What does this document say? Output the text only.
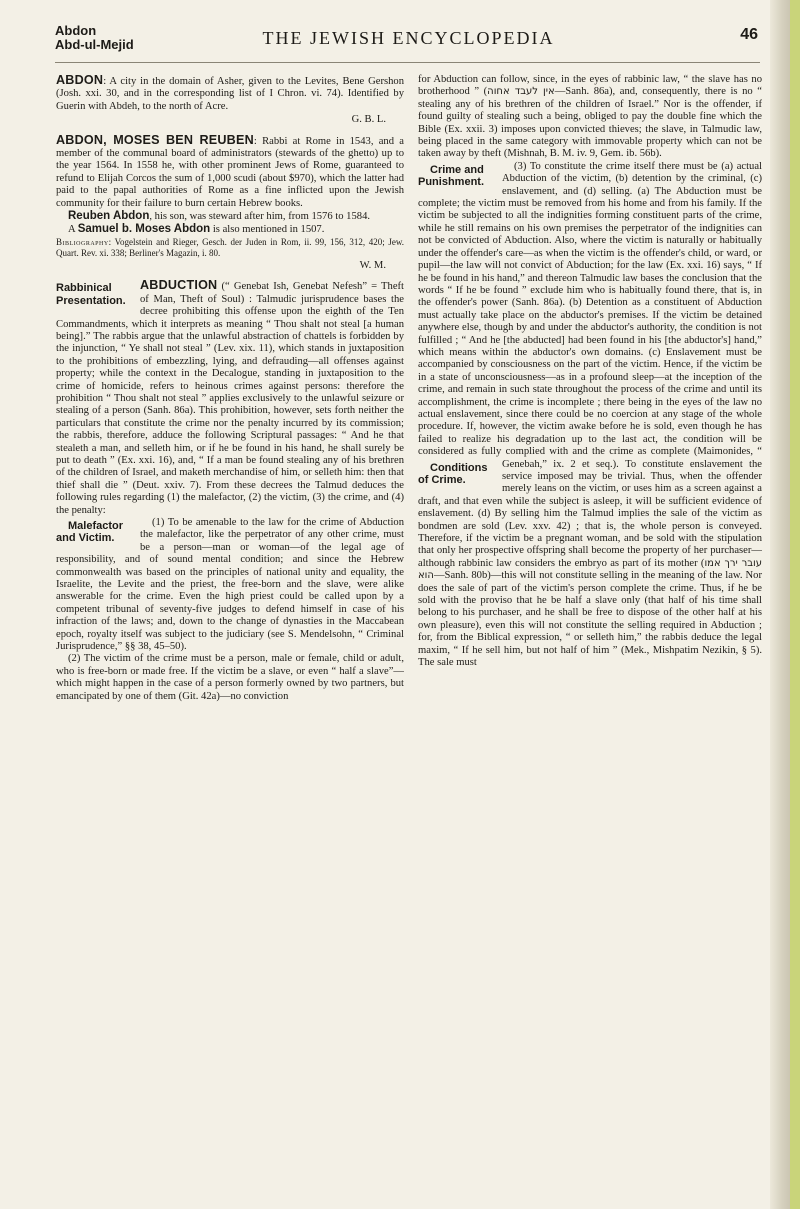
Abdon
Abd-ul-Mejid	THE JEWISH ENCYCLOPEDIA	46

ABDON: A city in the domain of Asher, given to the Levites, Bene Gershon (Josh. xxi. 30, and in the corresponding list of I Chron. vi. 74). Identified by Guerin with Abdeh, to the north of Acre.

G. B. L.

ABDON, MOSES BEN REUBEN: Rabbi at Rome in 1543, and a member of the communal board of administrators (stewards of the ghetto) up to the year 1564. In 1558 he, with other prominent Jews of Rome, guaranteed to refund to Elijah Corcos the sum of 1,000 scudi (about $970), which the latter had paid to the papal authorities of Rome as a fine inflicted upon the Jewish community for their failure to burn certain Hebrew books.

Reuben Abdon, his son, was steward after him, from 1576 to 1584.

A Samuel b. Moses Abdon is also mentioned in 1507.

Bibliography: Vogelstein and Rieger, Gesch. der Juden in Rom, ii. 99, 156, 312, 420; Jew. Quart. Rev. xi. 338; Berliner's Magazin, i. 80.

W. M.

Rabbinical Presentation.
ABDUCTION (“ Genebat Ish, Genebat Nefesh” = Theft of Man, Theft of Soul) : Talmudic jurisprudence bases the decree prohibiting this offense upon the eighth of the Ten Commandments, which it interprets as meaning “ Thou shalt not steal [a human being].” The rabbis argue that the unlawful abstraction of chattels is forbidden by the injunction, “ Ye shall not steal ” (Lev. xix. 11), which stands in juxtaposition to the prohibitions of embezzling, lying, and defrauding—all offenses against property; while the context in the Decalogue, standing in juxtaposition to the crime of homicide, refers to heinous crimes against persons: therefore the prohibition “ Thou shalt not steal ” applies exclusively to the unlawful seizure or stealing of a person (Sanh. 86a). This prohibition, however, sets forth neither the particulars that constitute the crime nor the penalty incurred by its commission; the rabbis, therefore, adduce the following Scriptural passages: “ And he that stealeth a man, and selleth him, or if he be found in his hand, he shall surely be put to death ” (Ex. xxi. 16), and, “ If a man be found stealing any of his brethren of the children of Israel, and maketh merchandise of him, or selleth him: then that thief shall die ” (Deut. xxiv. 7). From these decrees the Talmud deduces the following rules regarding (1) the malefactor, (2) the victim, (3) the crime, and (4) the penalty:

Malefactor and Victim.
(1) To be amenable to the law for the crime of Abduction the malefactor, like the perpetrator of any other crime, must be a person—man or woman—of the legal age of responsibility, and of sound mental condition; and since the Hebrew commonwealth was based on the principles of national unity and equality, the Israelite, the Levite and the priest, the free-born and the slave, were alike answerable for the crime. Even the high priest could be called upon by a competent tribunal of seventy-five judges to defend himself in case of his infraction of the laws; and, down to the change of dynasties in the Maccabean epoch, royalty itself was subject to the judiciary (see S. Mendelsohn, “ Criminal Jurisprudence,” §§ 38, 45–50).

(2) The victim of the crime must be a person, male or female, child or adult, who is free-born or made free. If the victim be a slave, or even “ half a slave”—which might happen in the case of a person formerly owned by two partners, but emancipated by one of them (Git. 42a)—no conviction

for Abduction can follow, since, in the eyes of rabbinic law, “ the slave has no brotherhood ” (אין לעבד אחוה—Sanh. 86a), and, consequently, there is no “ stealing any of his brethren of the children of Israel.” Nor is the offender, if found guilty of stealing such a being, obliged to pay the double fine which the Bible (Ex. xxii. 3) imposes upon convicted thieves; the slave, in Talmudic law, being placed in the same category with immovable property which can not be taken away by theft (Mishnah, B. M. iv. 9, Gem. ib. 56b).

Crime and Punishment.
(3) To constitute the crime itself there must be (a) actual Abduction of the victim, (b) detention by the criminal, (c) enslavement, and (d) selling. (a) The Abduction must be complete; the victim must be removed from his home and from his family. If the victim be subjected to all the indignities forming constituent parts of the crime, while he still remains on his own premises the perpetrator of the indignities can not be convicted of Abduction. Also, where the victim is naturally or habitually under the offender's care—as when the victim is the offender's child, or ward, or pupil—the law will not convict of Abduction; for the law (Ex. xxi. 16) says, “ If he be found in his hand,” and thereon Talmudic law bases the conclusion that the words “ If he be found ” exclude him who is habitually found there, that is, in the offender's power (Sanh. 86a). (b) Detention as a constituent of Abduction must actually take place on the abductor's premises. If the victim be detained anywhere else, though by and under the abductor's authority, the condition is not fulfilled ; “ And he [the abducted] had been found in his [the abductor's] hand,” which means within the abductor's own domains. (c) Enslavement must be accompanied by consciousness on the part of the victim. Hence, if the victim be in a state of unconsciousness—as in a profound sleep—at the inception of the crime, and remain in such state throughout the process of the crime and until its accomplishment, the crime is incomplete ; there being in the eyes of the law no actual enslavement, since there could be no coercion at any stage of the whole procedure. If, however, the victim awake before he is sold, even though he has failed to realize his degradation up to the last act, the condition will be considered as fully complied with and the crime as complete (Maimonides, “ Genebah,” ix. 2 et seq.).
Conditions of Crime.
To constitute enslavement the service imposed may be trivial. Thus, when the offender merely leans on the victim, or uses him as a screen against a draft, and that even while the subject is asleep, it will be sufficient evidence of enslavement. (d) By selling him the Talmud implies the sale of the victim as bondmen are sold (Lev. xxv. 42) ; that is, the whole person is conveyed. Therefore, if the victim be a pregnant woman, and be sold with the stipulation that only her prospective offspring shall become the property of her purchaser—although rabbinic law considers the embryo as part of its mother (עובר ירך אמו הוא—Sanh. 80b)—this will not constitute selling in the meaning of the law. Nor does the sale of part of the victim's person complete the crime. Thus, if he be sold with the proviso that he be half a slave only (that half of his time shall belong to his purchaser, and he shall be free to dispose of the other half at his own pleasure), even this will not constitute the selling required in Abduction ; for, from the Biblical expression, “ or selleth him,” the rabbis deduce the legal maxim, “ If he sell him, but not half of him ” (Mek., Mishpatim Nezikin, § 5). The sale must
